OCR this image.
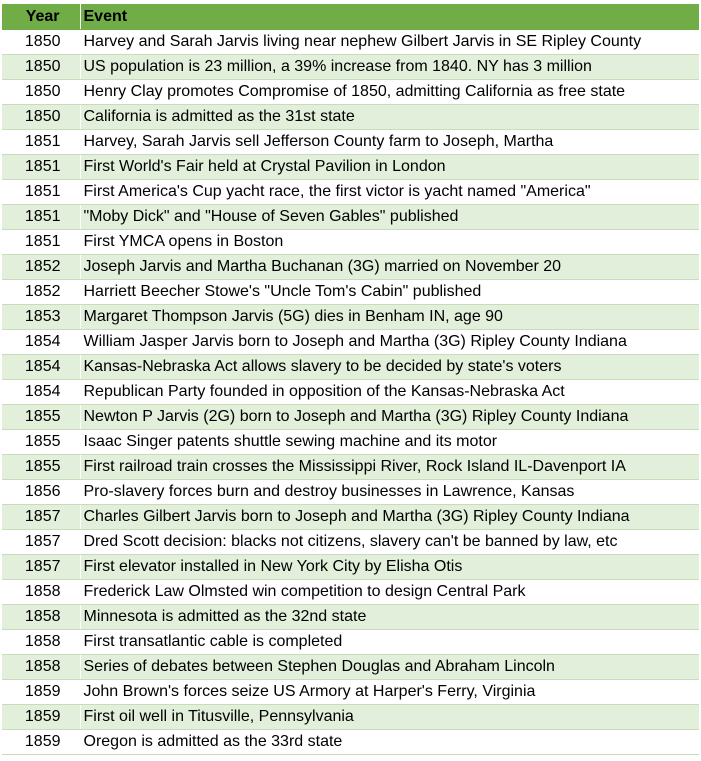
Year	Event
1850	Harvey and Sarah Jarvis living near nephew Gilbert Jarvis in SE Ripley County
1850	US population is 23 million, a 39% increase from 1840. NY has 3 million
1850	Henry Clay promotes Compromise of 1850, admitting California as free state
1850	California is admitted as the 31st state
1851	Harvey, Sarah Jarvis sell Jefferson County farm to Joseph, Martha
1851	First World's Fair held at Crystal Pavilion in London
1851	First America's Cup yacht race, the first victor is yacht named "America"
1851	"Moby Dick" and "House of Seven Gables" published
1851	First YMCA opens in Boston
1852	Joseph Jarvis and Martha Buchanan (3G) married on November 20
1852	Harriett Beecher Stowe's "Uncle Tom's Cabin" published
1853	Margaret Thompson Jarvis (5G) dies in Benham IN, age 90
1854	William Jasper Jarvis born to Joseph and Martha (3G) Ripley County Indiana
1854	Kansas-Nebraska Act allows slavery to be decided by state's voters
1854	Republican Party founded in opposition of the Kansas-Nebraska Act
1855	Newton P Jarvis (2G) born to Joseph and Martha (3G) Ripley County Indiana
1855	Isaac Singer patents shuttle sewing machine and its motor
1855	First railroad train crosses the Mississippi River, Rock Island IL-Davenport IA
1856	Pro-slavery forces burn and destroy businesses in Lawrence, Kansas
1857	Charles Gilbert Jarvis born to Joseph and Martha (3G) Ripley County Indiana
1857	Dred Scott decision: blacks not citizens, slavery can't be banned by law, etc
1857	First elevator installed in New York City by Elisha Otis
1858	Frederick Law Olmsted win competition to design Central Park
1858	Minnesota is admitted as the 32nd state
1858	First transatlantic cable is completed
1858	Series of debates between Stephen Douglas and Abraham Lincoln
1859	John Brown's forces seize US Armory at Harper's Ferry, Virginia
1859	First oil well in Titusville, Pennsylvania
1859	Oregon is admitted as the 33rd state
